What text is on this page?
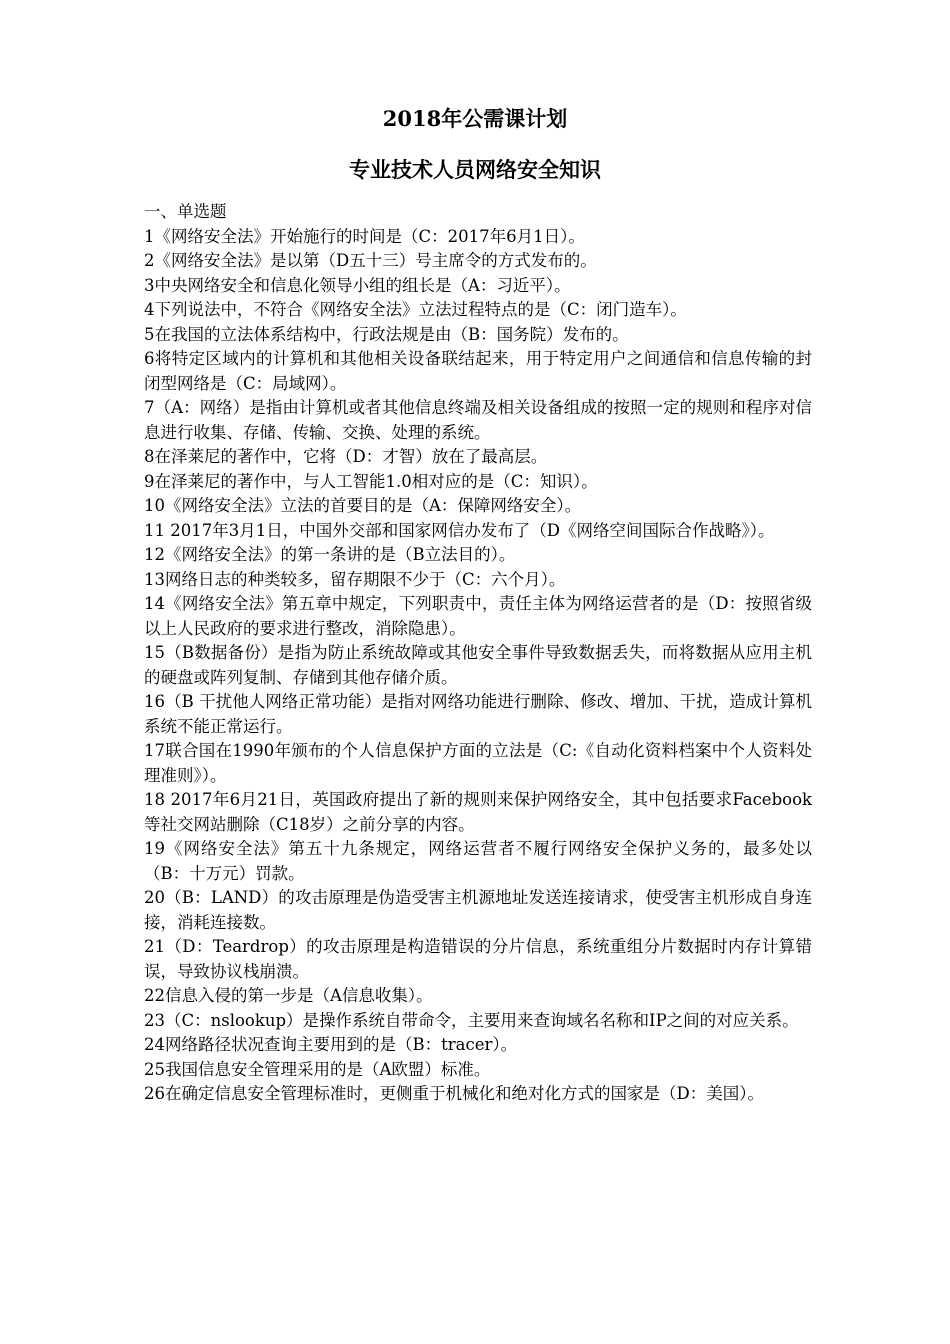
2018年公需课计划
专业技术人员网络安全知识

一、单选题

1《网络安全法》开始施行的时间是（C：2017年6月1日）。

2《网络安全法》是以第（D五十三）号主席令的方式发布的。

3中央网络安全和信息化领导小组的组长是（A：习近平）。

4下列说法中，不符合《网络安全法》立法过程特点的是（C：闭门造车）。

5在我国的立法体系结构中，行政法规是由（B：国务院）发布的。

6将特定区域内的计算机和其他相关设备联结起来，用于特定用户之间通信和信息传输的封闭型网络是（C：局域网）。

7（A：网络）是指由计算机或者其他信息终端及相关设备组成的按照一定的规则和程序对信息进行收集、存储、传输、交换、处理的系统。

8在泽莱尼的著作中，它将（D：才智）放在了最高层。

9在泽莱尼的著作中，与人工智能1.0相对应的是（C：知识）。

10《网络安全法》立法的首要目的是（A：保障网络安全）。

11 2017年3月1日，中国外交部和国家网信办发布了（D《网络空间国际合作战略》）。

12《网络安全法》的第一条讲的是（B立法目的）。

13网络日志的种类较多，留存期限不少于（C：六个月）。

14《网络安全法》第五章中规定，下列职责中，责任主体为网络运营者的是（D：按照省级以上人民政府的要求进行整改，消除隐患）。

15（B数据备份）是指为防止系统故障或其他安全事件导致数据丢失，而将数据从应用主机的硬盘或阵列复制、存储到其他存储介质。

16（B 干扰他人网络正常功能）是指对网络功能进行删除、修改、增加、干扰，造成计算机系统不能正常运行。

17联合国在1990年颁布的个人信息保护方面的立法是（C:《自动化资料档案中个人资料处理准则》）。

18 2017年6月21日，英国政府提出了新的规则来保护网络安全，其中包括要求Facebook等社交网站删除（C18岁）之前分享的内容。

19《网络安全法》第五十九条规定，网络运营者不履行网络安全保护义务的，最多处以（B：十万元）罚款。

20（B：LAND）的攻击原理是伪造受害主机源地址发送连接请求，使受害主机形成自身连接，消耗连接数。

21（D：Teardrop）的攻击原理是构造错误的分片信息，系统重组分片数据时内存计算错误，导致协议栈崩溃。

22信息入侵的第一步是（A信息收集）。

23（C：nslookup）是操作系统自带命令，主要用来查询域名名称和IP之间的对应关系。

24网络路径状况查询主要用到的是（B：tracer）。

25我国信息安全管理采用的是（A欧盟）标准。

26在确定信息安全管理标准时，更侧重于机械化和绝对化方式的国家是（D：美国）。
